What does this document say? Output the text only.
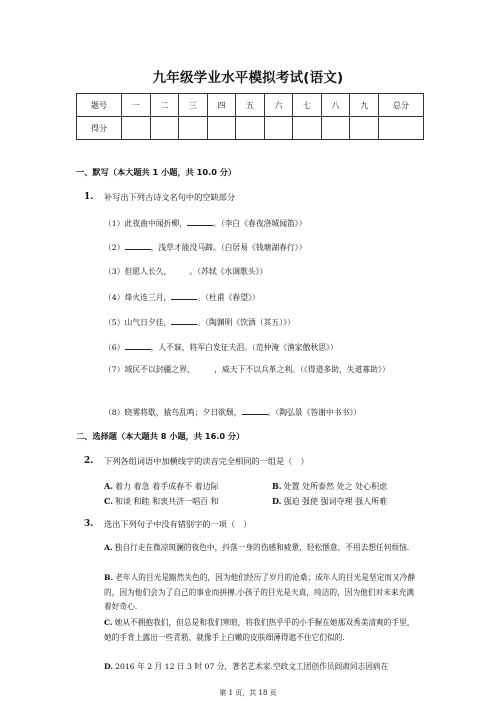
九年级学业水平模拟考试(语文)
题号	一	二	三	四	五	六	七	八	九	总分
得分										
一、默写（本大题共 1 小题，共 10.0 分）
1. 补写出下列古诗文名句中的空缺部分
（1）此夜曲中闻折柳，	。（李白《春夜洛城闻笛》）
（2）	，浅草才能没马蹄。（白居易《钱塘湖春行》）
（3）但愿人长久， 。（苏轼《水调歌头》）
（4）烽火连三月，	。（杜甫《春望》）
（5）山气日夕佳，	。（陶渊明《饮酒（其五）》）
（6）	，人不寐，将军白发征夫泪。（范仲淹《渔家傲秋思》）
（7）域民不以封疆之界，　　　，威天下不以兵革之利。（《得道多助，失道寡助》）
（8）晓雾将歇，猿鸟乱鸣；夕日欲颓，	。（陶弘景《答谢中书书》）
二、选择题（本大题共 8 小题，共 16.0 分）
2. 下列各组词语中加横线字的读音完全相同的一组是（　）
A. 着力 着急 着手成春不 着边际	B. 处置 处所泰然 处之 处心积虑
C. 和谈 和睦 和衷共济一唱百 和	D. 强迫 强使 强词夺理 强人所难
3. 选出下列句子中没有错别字的一项（　）
A. 独自行走在微凉斑澜的夜色中，抖落一身的伤感和疲惫，轻松惬意，不用去想任何烦恼.
B. 老年人的目光是黯然失色的，因为他们经历了岁月的沧桑；成年人的目光是坚定而又冷静的，因为他们会为了自己的事业而拼搏.小孩子的目光是天真，纯洁的，因为他们对未来充满着好奇心.
C. 她从不拥抱我们，但总是和我们寒暄，将我们热乎乎的小手握在她那双秀美清爽的手里，她的手背上露出一些青筋，就像手上白嫩的皮肤细薄得遮不住它们似的.
D. 2016 年 2 月 12 日 3 时 07 分，著名艺术家.空政文工团创作员阎肃同志因病在
第 1 页，共 18 页
